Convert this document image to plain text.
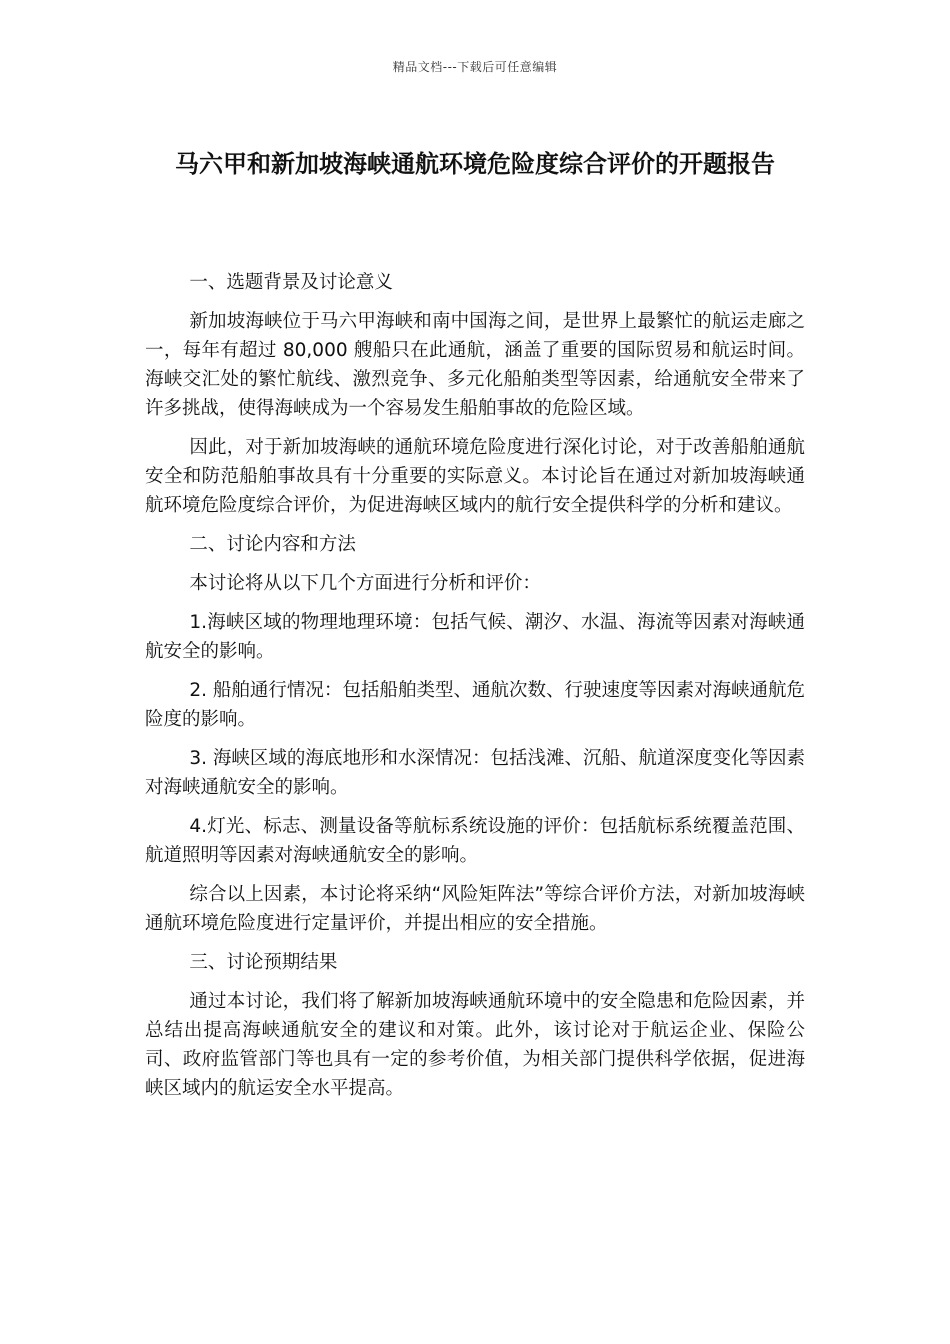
精品文档---下载后可任意编辑
马六甲和新加坡海峡通航环境危险度综合评价的开题报告

一、选题背景及讨论意义

新加坡海峡位于马六甲海峡和南中国海之间，是世界上最繁忙的航运走廊之一，每年有超过 80,000 艘船只在此通航，涵盖了重要的国际贸易和航运时间。海峡交汇处的繁忙航线、激烈竞争、多元化船舶类型等因素，给通航安全带来了许多挑战，使得海峡成为一个容易发生船舶事故的危险区域。

因此，对于新加坡海峡的通航环境危险度进行深化讨论，对于改善船舶通航安全和防范船舶事故具有十分重要的实际意义。本讨论旨在通过对新加坡海峡通航环境危险度综合评价，为促进海峡区域内的航行安全提供科学的分析和建议。

二、讨论内容和方法

本讨论将从以下几个方面进行分析和评价：

1.海峡区域的物理地理环境：包括气候、潮汐、水温、海流等因素对海峡通航安全的影响。

2. 船舶通行情况：包括船舶类型、通航次数、行驶速度等因素对海峡通航危险度的影响。

3. 海峡区域的海底地形和水深情况：包括浅滩、沉船、航道深度变化等因素对海峡通航安全的影响。

4.灯光、标志、测量设备等航标系统设施的评价：包括航标系统覆盖范围、航道照明等因素对海峡通航安全的影响。

综合以上因素，本讨论将采纳“风险矩阵法”等综合评价方法，对新加坡海峡通航环境危险度进行定量评价，并提出相应的安全措施。

三、讨论预期结果

通过本讨论，我们将了解新加坡海峡通航环境中的安全隐患和危险因素，并总结出提高海峡通航安全的建议和对策。此外，该讨论对于航运企业、保险公司、政府监管部门等也具有一定的参考价值，为相关部门提供科学依据，促进海峡区域内的航运安全水平提高。
